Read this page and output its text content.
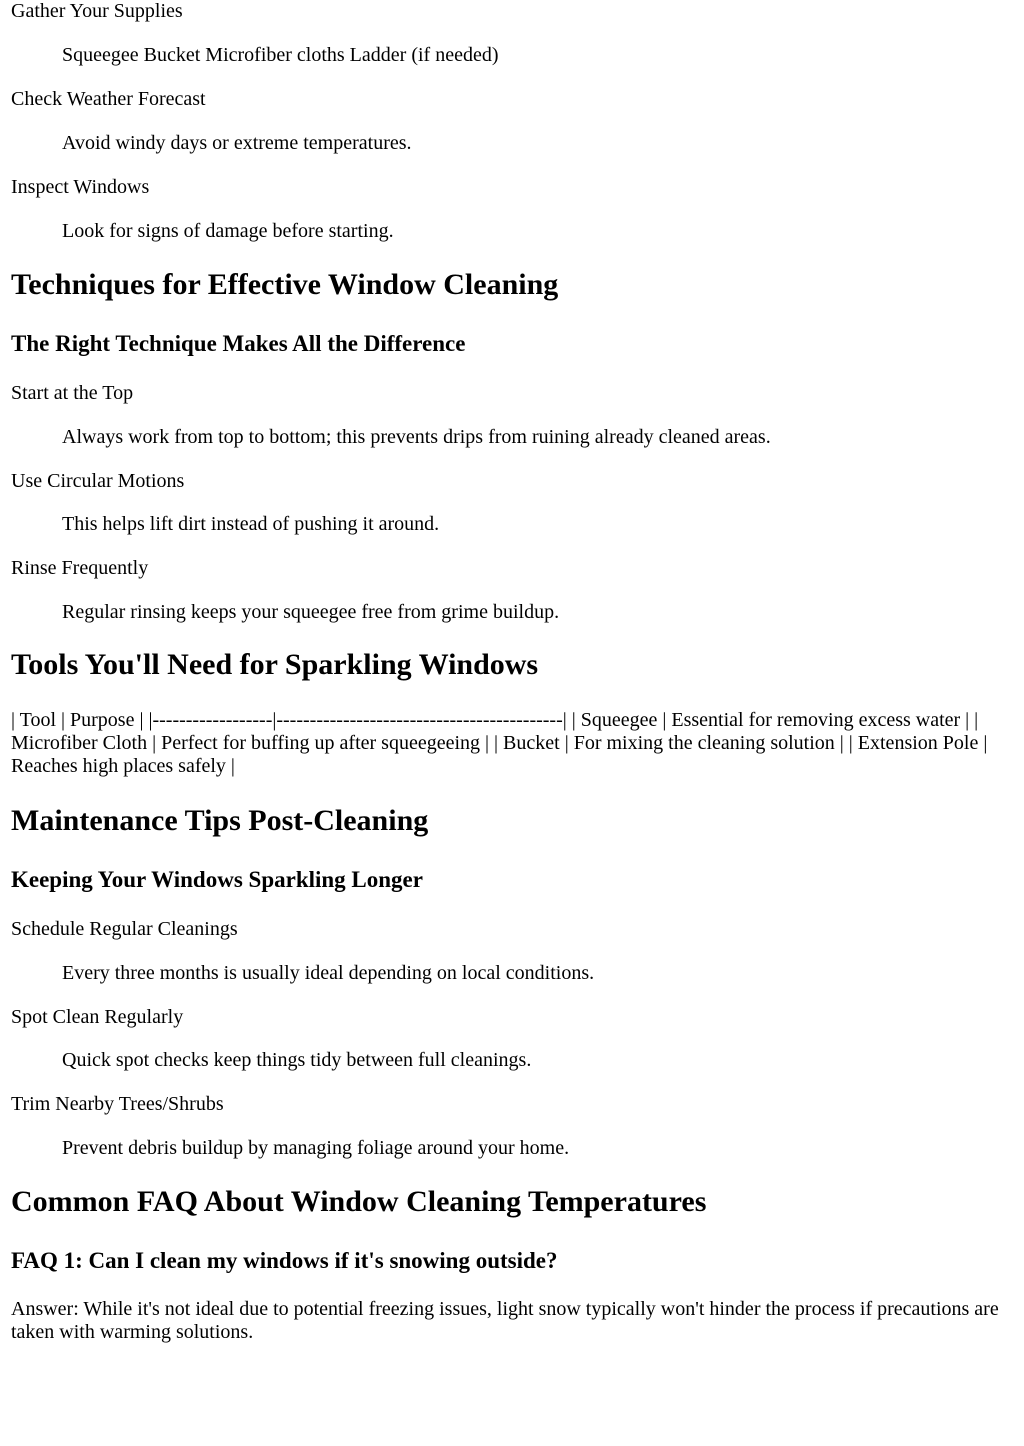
Gather Your Supplies
Squeegee Bucket Microfiber cloths Ladder (if needed)
Check Weather Forecast
Avoid windy days or extreme temperatures.
Inspect Windows
Look for signs of damage before starting.
Techniques for Effective Window Cleaning
The Right Technique Makes All the Difference
Start at the Top
Always work from top to bottom; this prevents drips from ruining already cleaned areas.
Use Circular Motions
This helps lift dirt instead of pushing it around.
Rinse Frequently
Regular rinsing keeps your squeegee free from grime buildup.
Tools You'll Need for Sparkling Windows

| Tool | Purpose | |------------------|-------------------------------------------| | Squeegee | Essential for removing excess water | | Microfiber Cloth | Perfect for buffing up after squeegeeing | | Bucket | For mixing the cleaning solution | | Extension Pole | Reaches high places safely |

Maintenance Tips Post-Cleaning
Keeping Your Windows Sparkling Longer
Schedule Regular Cleanings
Every three months is usually ideal depending on local conditions.
Spot Clean Regularly
Quick spot checks keep things tidy between full cleanings.
Trim Nearby Trees/Shrubs
Prevent debris buildup by managing foliage around your home.
Common FAQ About Window Cleaning Temperatures
FAQ 1: Can I clean my windows if it's snowing outside?

Answer: While it's not ideal due to potential freezing issues, light snow typically won't hinder the process if precautions are taken with warming solutions.
